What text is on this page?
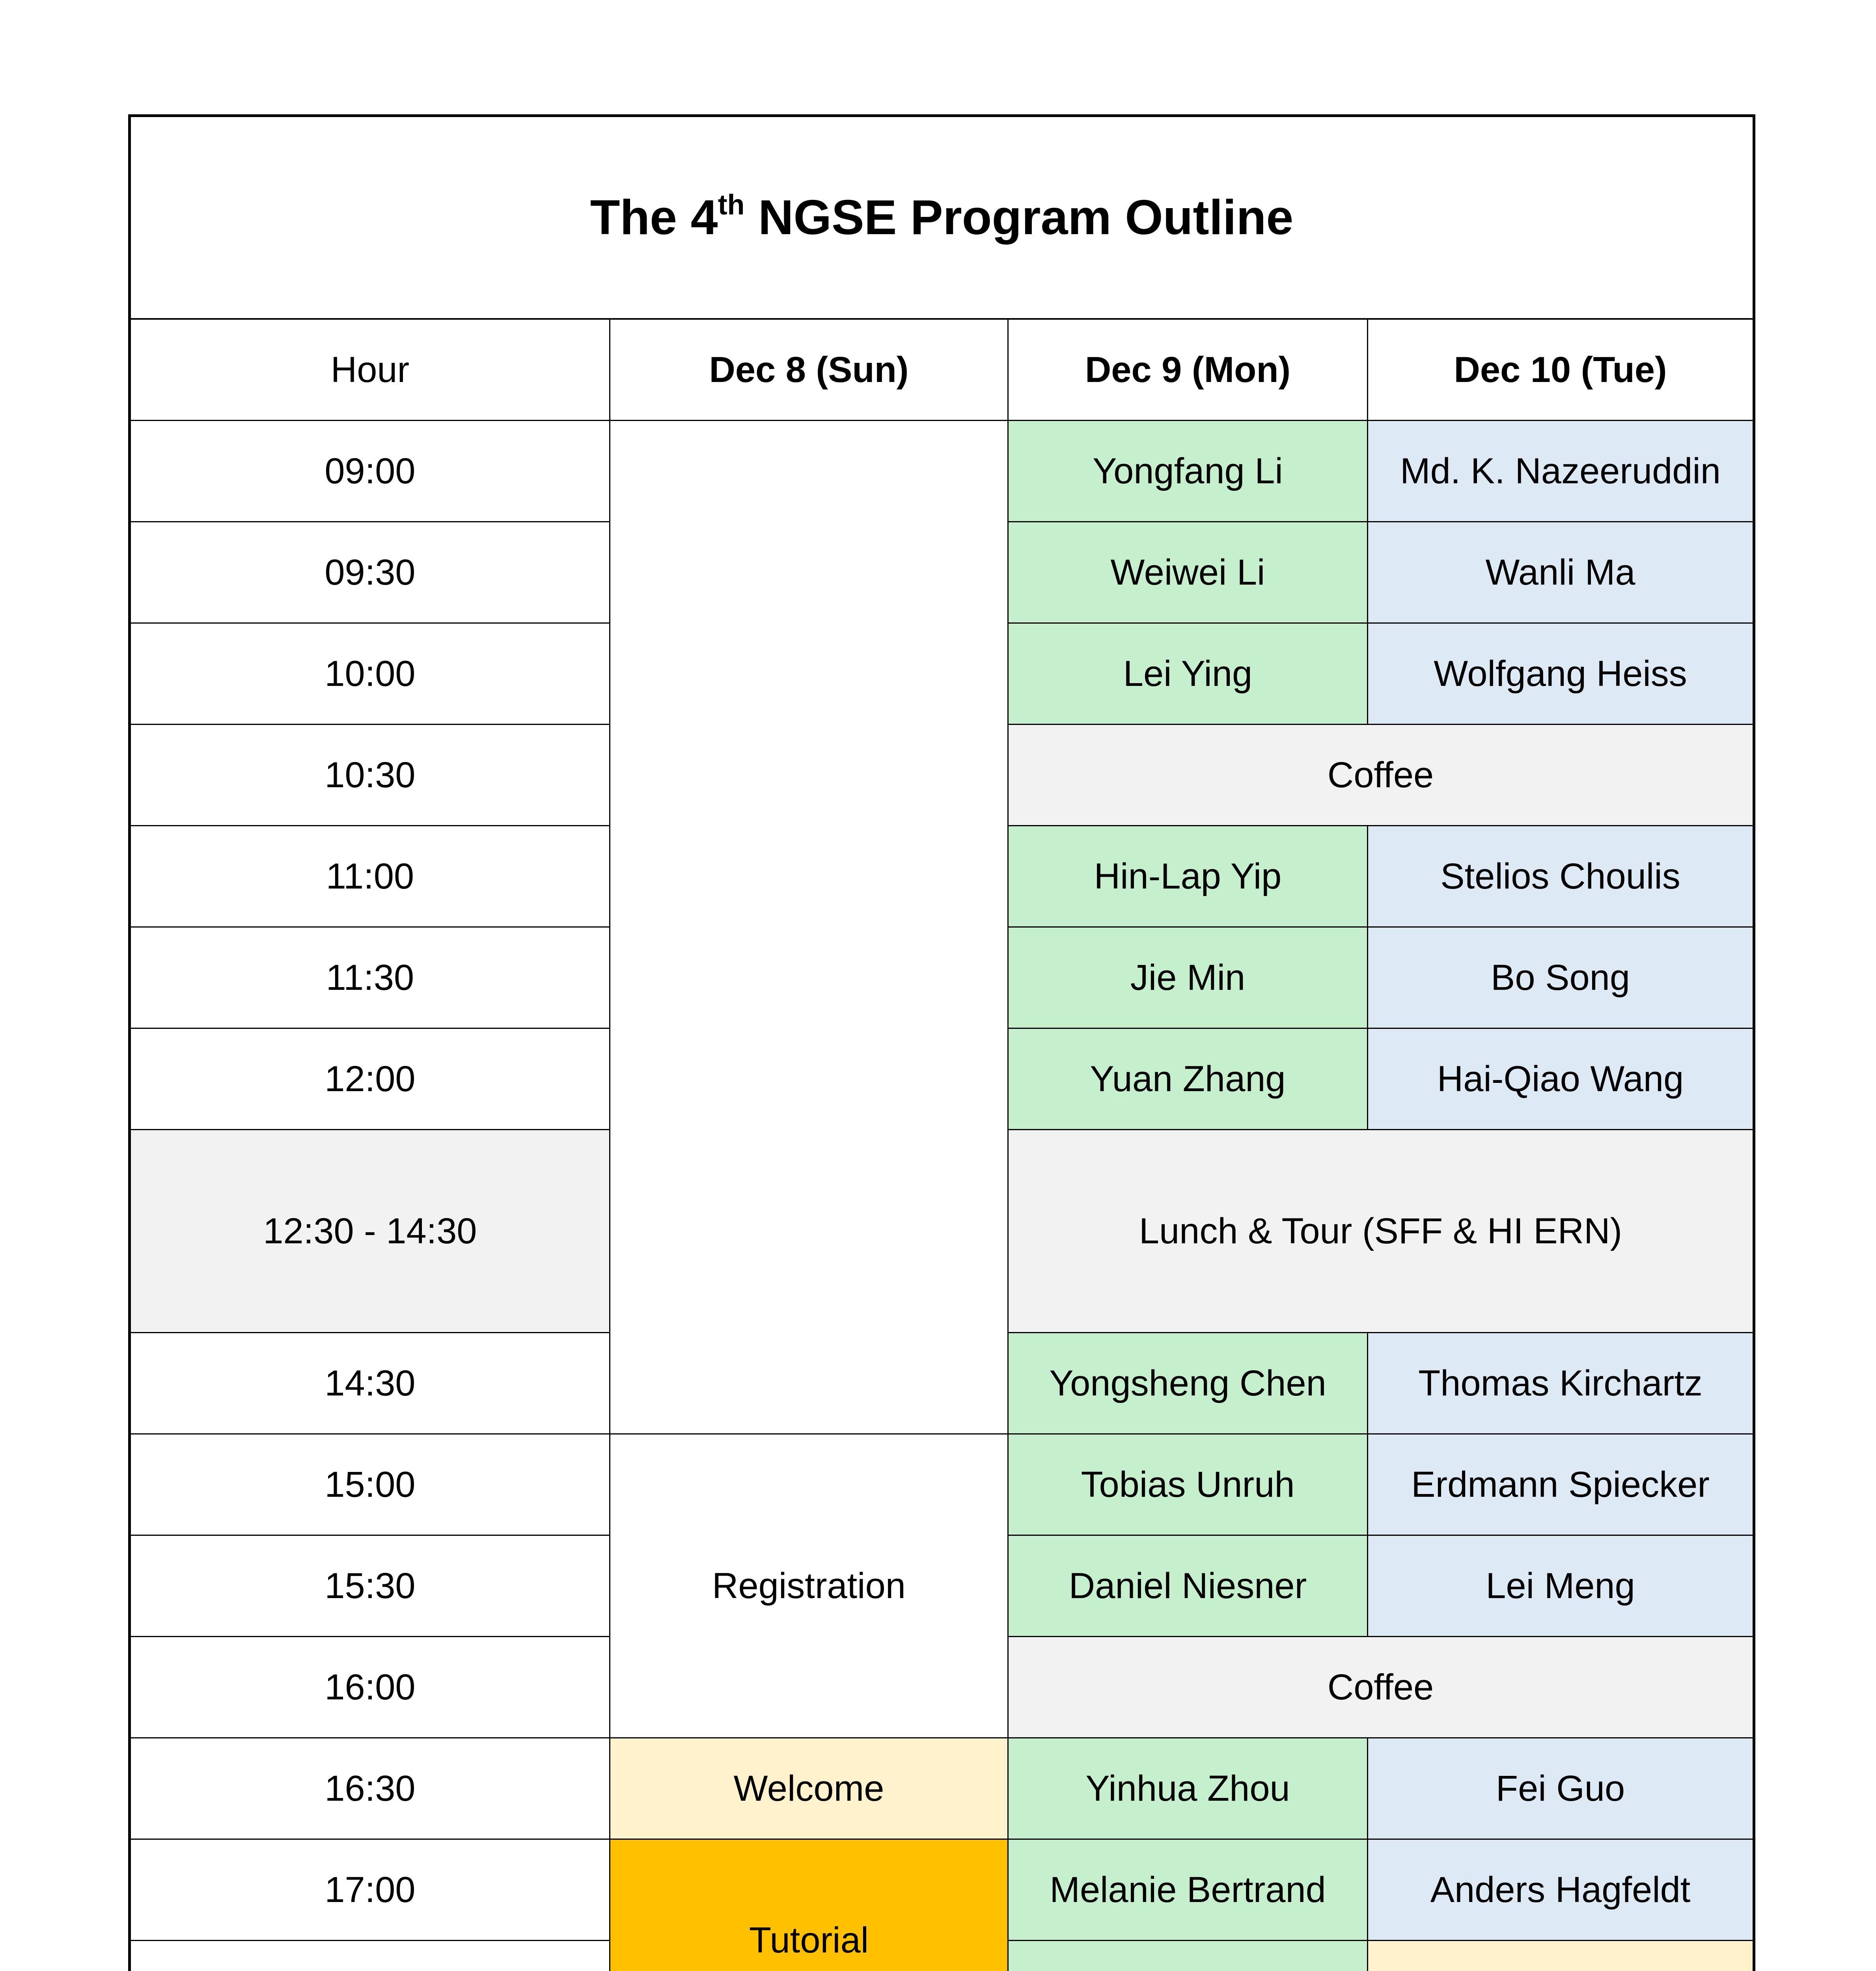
The 4th NGSE Program Outline			
Hour	Dec 8 (Sun)	Dec 9 (Mon)	Dec 10 (Tue)
09:00		Yongfang Li	Md. K. Nazeeruddin
09:30		Weiwei Li	Wanli Ma
10:00		Lei Ying	Wolfgang Heiss
10:30		Coffee	
11:00		Hin-Lap Yip	Stelios Choulis
11:30		Jie Min	Bo Song
12:00		Yuan Zhang	Hai-Qiao Wang
12:30 - 14:30		Lunch & Tour (SFF & HI ERN)	
14:30		Yongsheng Chen	Thomas Kirchartz
15:00	Registration	Tobias Unruh	Erdmann Spiecker
15:30		Daniel Niesner	Lei Meng
16:00		Coffee	
16:30	Welcome	Yinhua Zhou	Fei Guo
17:00	Tutorial	Melanie Bertrand	Anders Hagfeldt
